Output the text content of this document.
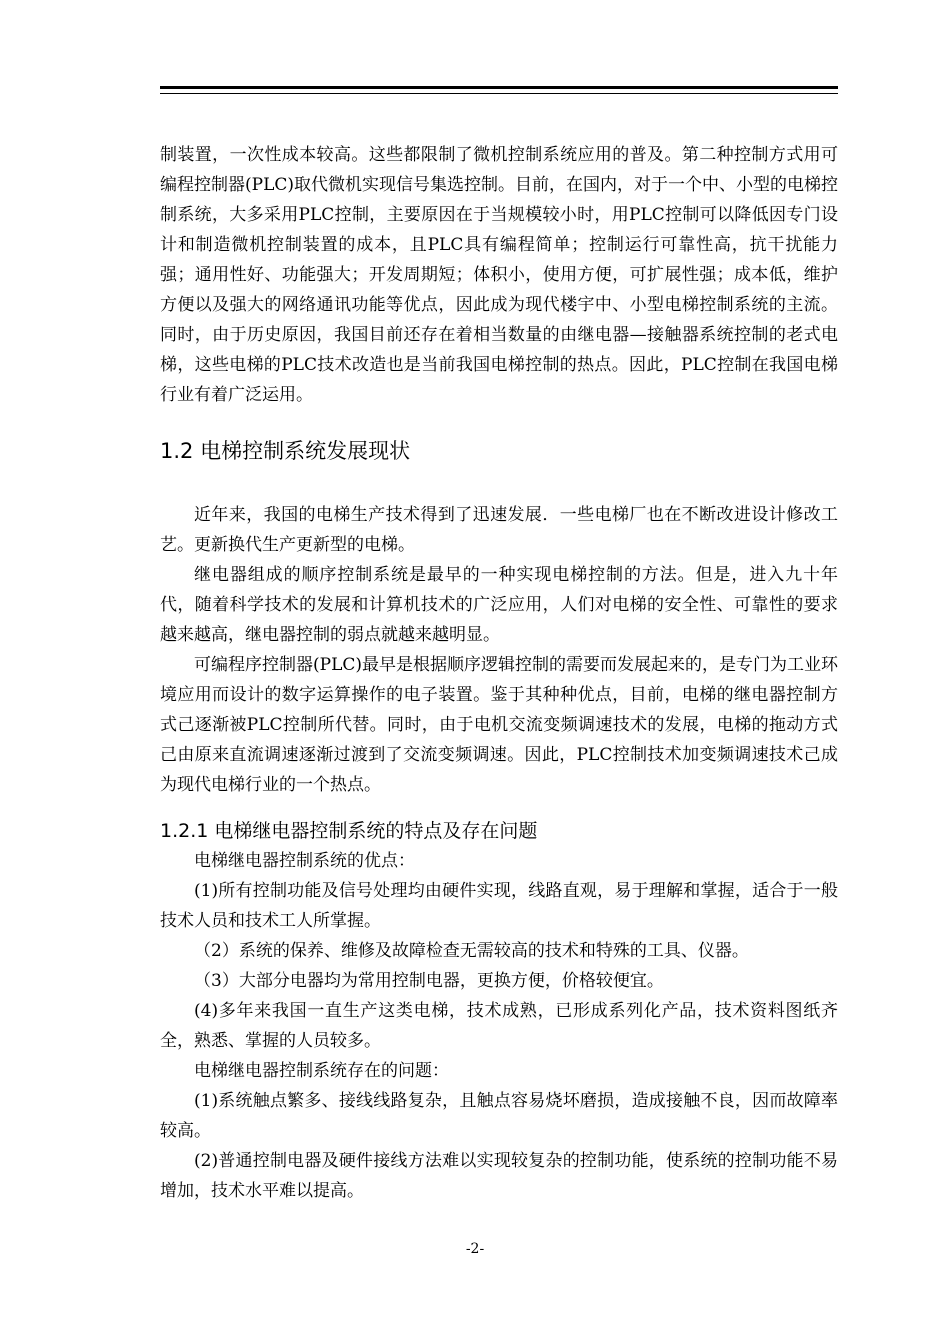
制装置，一次性成本较高。这些都限制了微机控制系统应用的普及。第二种控制方式用可编程控制器(PLC)取代微机实现信号集选控制。目前，在国内，对于一个中、小型的电梯控制系统，大多采用PLC控制，主要原因在于当规模较小时，用PLC控制可以降低因专门设计和制造微机控制装置的成本，且PLC具有编程简单；控制运行可靠性高，抗干扰能力强；通用性好、功能强大；开发周期短；体积小，使用方便，可扩展性强；成本低，维护方便以及强大的网络通讯功能等优点，因此成为现代楼宇中、小型电梯控制系统的主流。同时，由于历史原因，我国目前还存在着相当数量的由继电器—接触器系统控制的老式电梯，这些电梯的PLC技术改造也是当前我国电梯控制的热点。因此，PLC控制在我国电梯行业有着广泛运用。

1.2 电梯控制系统发展现状

近年来，我国的电梯生产技术得到了迅速发展．一些电梯厂也在不断改进设计修改工艺。更新换代生产更新型的电梯。

继电器组成的顺序控制系统是最早的一种实现电梯控制的方法。但是，进入九十年代，随着科学技术的发展和计算机技术的广泛应用，人们对电梯的安全性、可靠性的要求越来越高，继电器控制的弱点就越来越明显。

可编程序控制器(PLC)最早是根据顺序逻辑控制的需要而发展起来的，是专门为工业环境应用而设计的数字运算操作的电子装置。鉴于其种种优点，目前，电梯的继电器控制方式己逐渐被PLC控制所代替。同时，由于电机交流变频调速技术的发展，电梯的拖动方式己由原来直流调速逐渐过渡到了交流变频调速。因此，PLC控制技术加变频调速技术己成为现代电梯行业的一个热点。

1.2.1 电梯继电器控制系统的特点及存在问题

电梯继电器控制系统的优点：

(1)所有控制功能及信号处理均由硬件实现，线路直观，易于理解和掌握，适合于一般技术人员和技术工人所掌握。

（2）系统的保养、维修及故障检查无需较高的技术和特殊的工具、仪器。

（3）大部分电器均为常用控制电器，更换方便，价格较便宜。

(4)多年来我国一直生产这类电梯，技术成熟，已形成系列化产品，技术资料图纸齐全，熟悉、掌握的人员较多。

电梯继电器控制系统存在的问题：

(1)系统触点繁多、接线线路复杂，且触点容易烧坏磨损，造成接触不良，因而故障率较高。

(2)普通控制电器及硬件接线方法难以实现较复杂的控制功能，使系统的控制功能不易增加，技术水平难以提高。

-2-
